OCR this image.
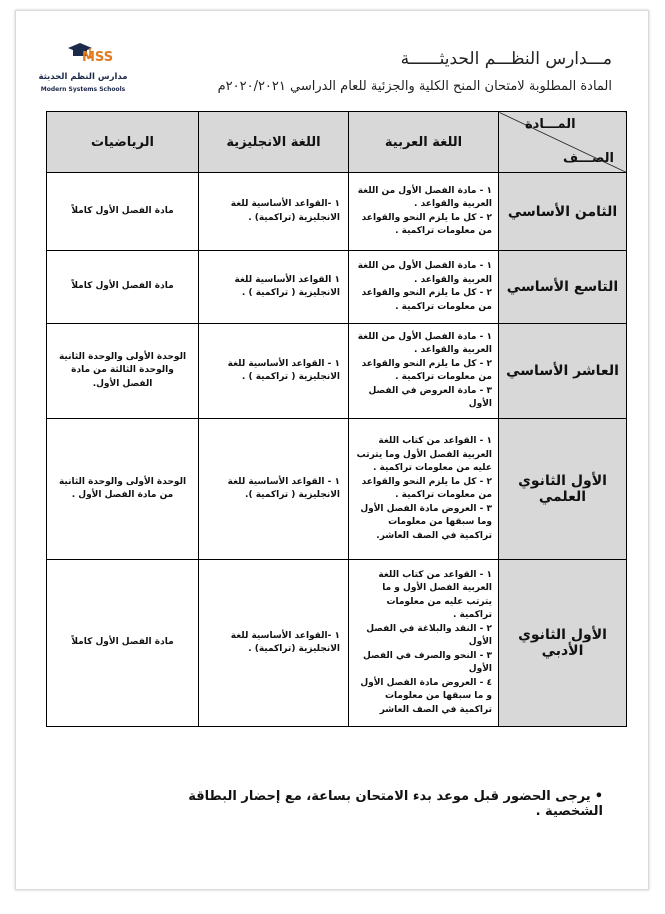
MSS
مدارس النظم الحديثة
Modern Systems Schools
مـــدارس النظـــم الحديثــــــة
المادة المطلوبة لامتحان المنح الكلية والجزئية للعام الدراسي ٢٠٢٠/٢٠٢١م
•يرجى الحضور قبل موعد بدء الامتحان بساعة، مع إحضار البطاقة الشخصية .
المـــادة
الصـــف	اللغة العربية	اللغة الانجليزية	الرياضيات
الثامن الأساسي	١ - مادة الفصل الأول من اللغة العربية والقواعد .
٢ - كل ما يلزم النحو والقواعد من معلومات تراكمية .	١ -القواعد الأساسية للغة الانجليزية (تراكمية) .	مادة الفصل الأول كاملاً
التاسع الأساسي	١ - مادة الفصل الأول من اللغة العربية والقواعد .
٢ - كل ما يلزم النحو والقواعد من معلومات تراكمية .	١ القواعد الأساسية للغة الانجليزية ( تراكمية ) .	مادة الفصل الأول كاملاً
العاشر الأساسي	١ - مادة الفصل الأول من اللغة العربية والقواعد .
٢ - كل ما يلزم النحو والقواعد من معلومات تراكمية .
٣ - مادة العروض في الفصل الأول	١ - القواعد الأساسية للغة الانجليزية ( تراكمية ) .	الوحدة الأولى والوحدة الثانية والوحدة الثالثة من مادة الفصل الأول.
الأول الثانوي العلمي	١ - القواعد من كتاب اللغة العربية الفصل الأول وما يترتب عليه من معلومات تراكمية .
٢ - كل ما يلزم النحو والقواعد من معلومات تراكمية .
٣ - العروض مادة الفصل الأول وما سبقها من معلومات تراكمية في الصف العاشر.	١ - القواعد الأساسية للغة الانجليزية ( تراكمية ).	الوحدة الأولى والوحدة الثانية من مادة الفصل الأول .
الأول الثانوي الأدبي	١ - القواعد من كتاب اللغة العربية الفصل الأول و ما يترتب عليه من معلومات تراكمية .
٢ - النقد والبلاغة في الفصل الأول
٣ - النحو والصرف في الفصل الأول
٤ - العروض مادة الفصل الأول و ما سبقها من معلومات تراكمية في الصف العاشر	١ -القواعد الأساسية للغة الانجليزية (تراكمية) .	مادة الفصل الأول كاملاً
